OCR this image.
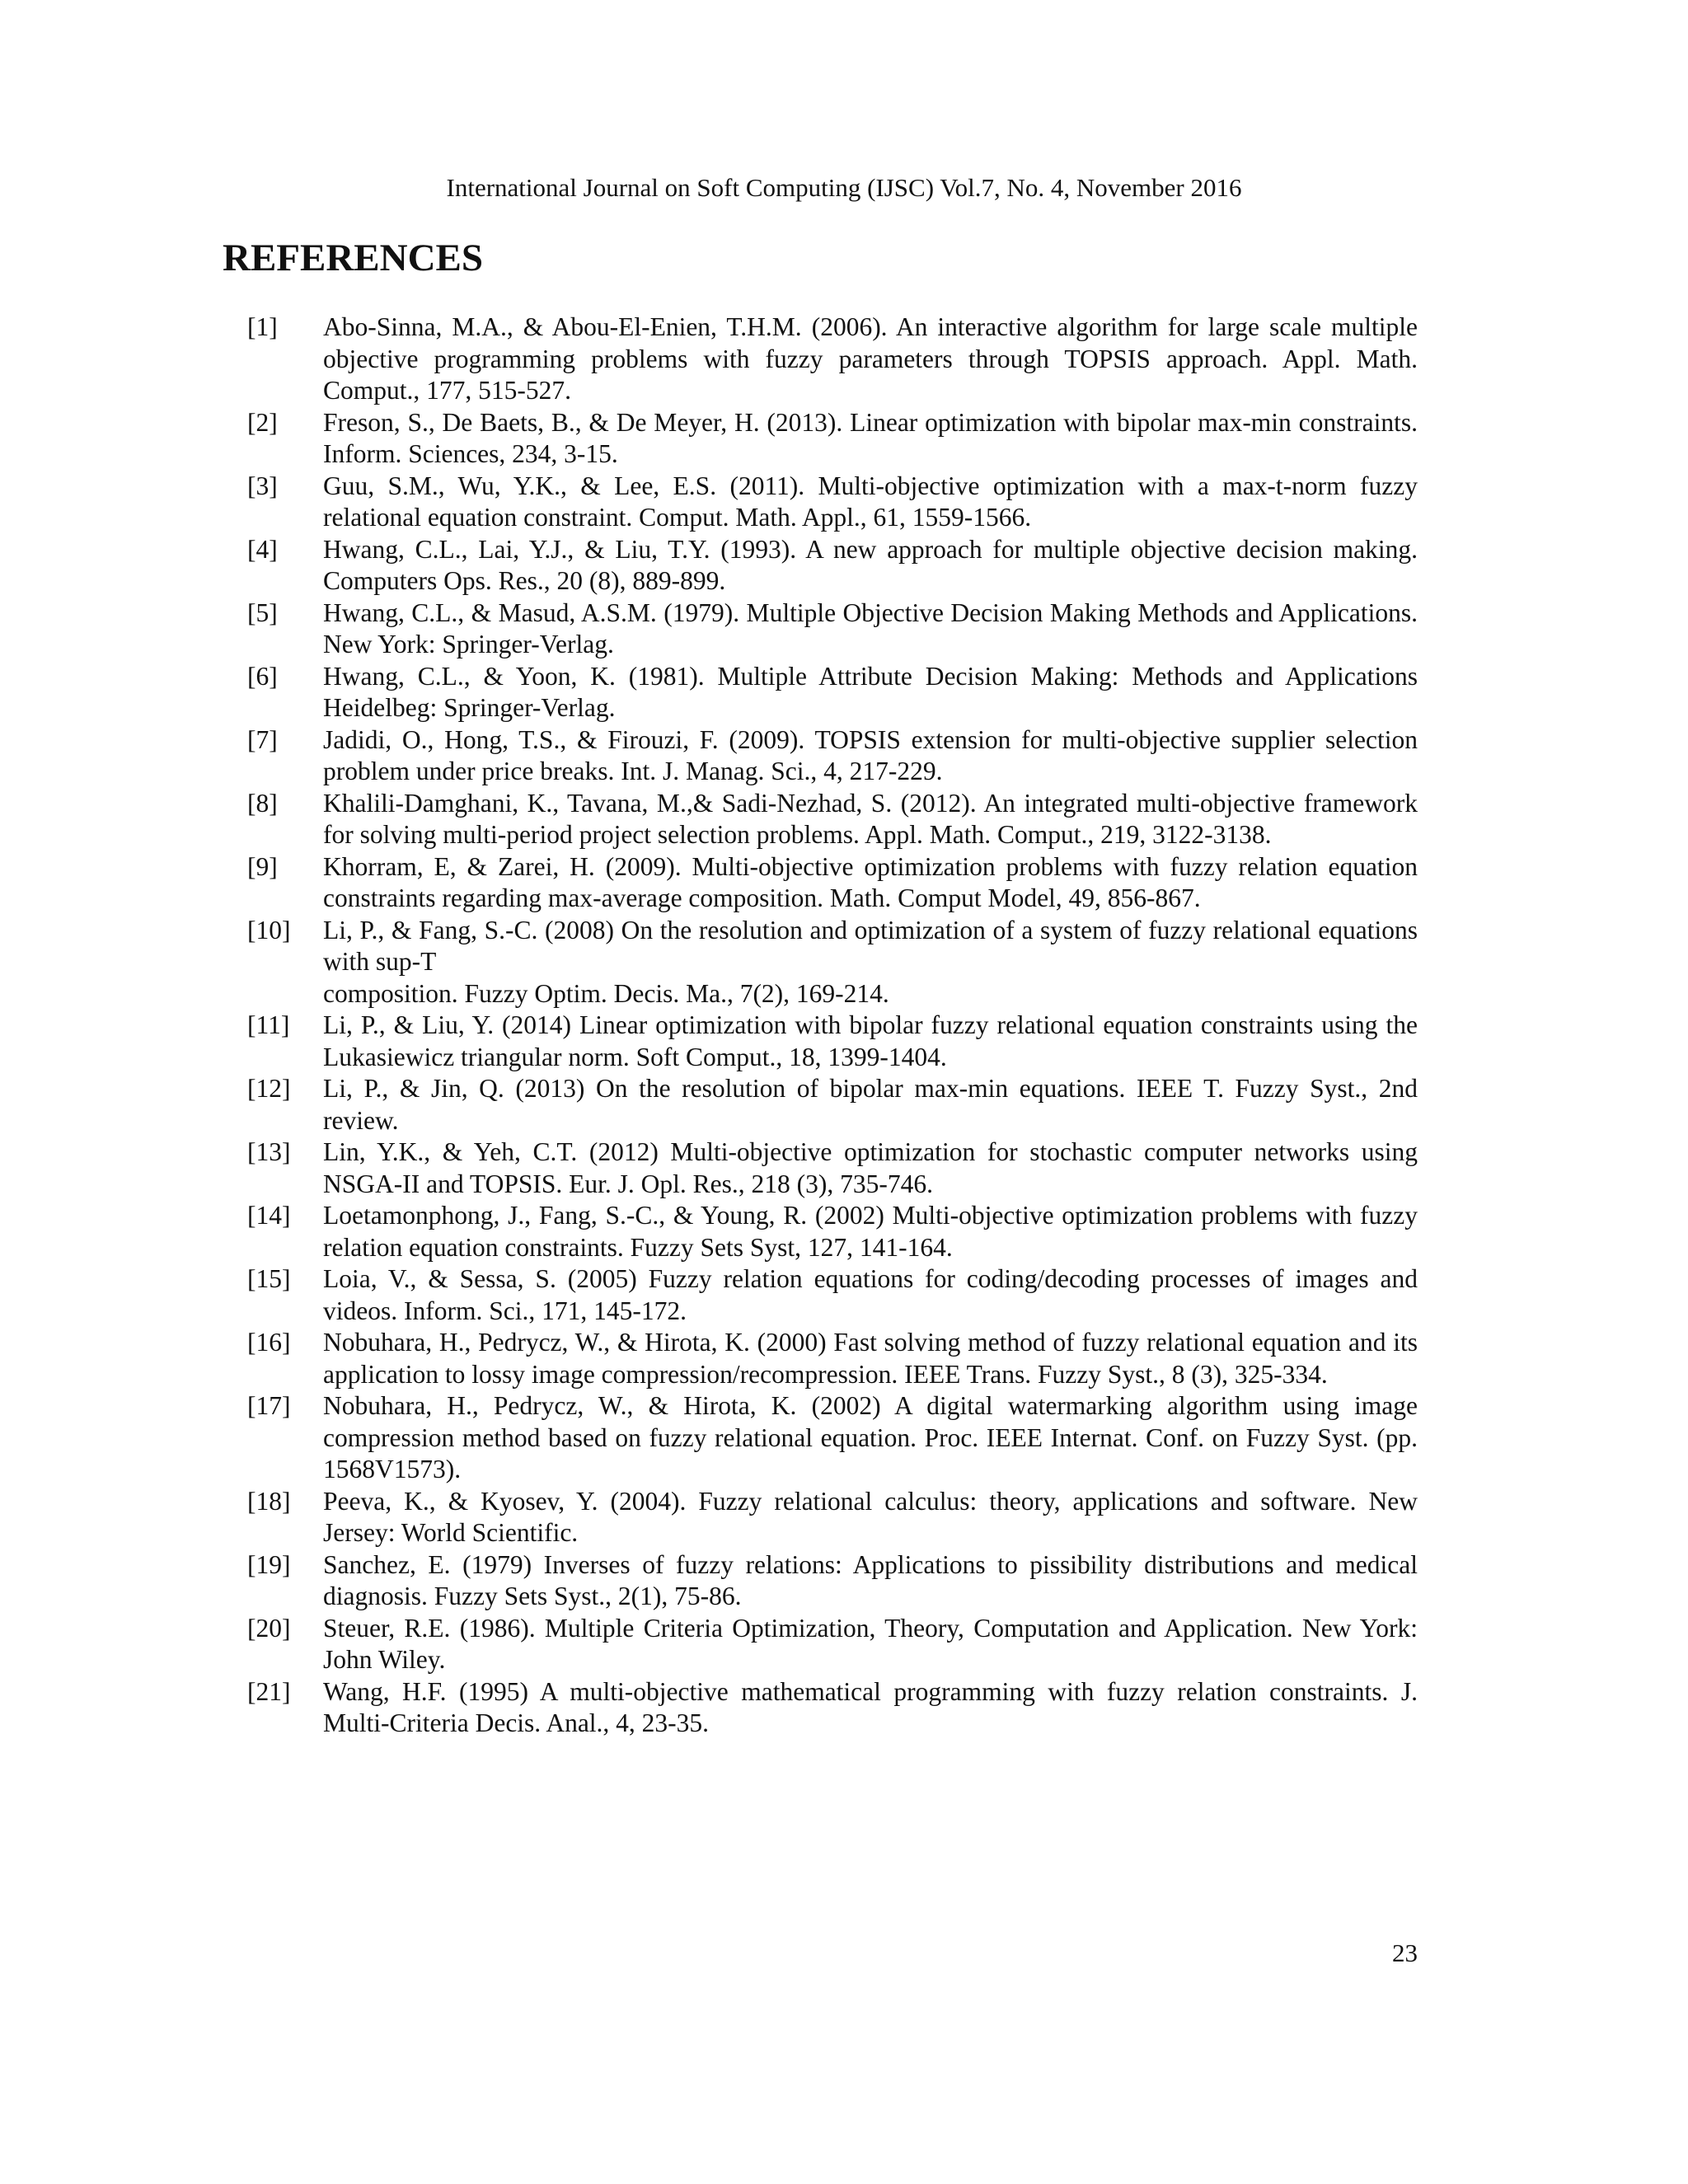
International Journal on Soft Computing (IJSC) Vol.7, No. 4, November 2016
REFERENCES
[1]	Abo-Sinna, M.A., & Abou-El-Enien, T.H.M. (2006). An interactive algorithm for large scale multiple objective programming problems with fuzzy parameters through TOPSIS approach. Appl. Math. Comput., 177, 515-527.
[2]	Freson, S., De Baets, B., & De Meyer, H. (2013). Linear optimization with bipolar max-min constraints. Inform. Sciences, 234, 3-15.
[3]	Guu, S.M., Wu, Y.K., & Lee, E.S. (2011). Multi-objective optimization with a max-t-norm fuzzy relational equation constraint. Comput. Math. Appl., 61, 1559-1566.
[4]	Hwang, C.L., Lai, Y.J., & Liu, T.Y. (1993). A new approach for multiple objective decision making. Computers Ops. Res., 20 (8), 889-899.
[5]	Hwang, C.L., & Masud, A.S.M. (1979). Multiple Objective Decision Making Methods and Applications. New York: Springer-Verlag.
[6]	Hwang, C.L., & Yoon, K. (1981). Multiple Attribute Decision Making: Methods and Applications Heidelbeg: Springer-Verlag.
[7]	Jadidi, O., Hong, T.S., & Firouzi, F. (2009). TOPSIS extension for multi-objective supplier selection problem under price breaks. Int. J. Manag. Sci., 4, 217-229.
[8]	Khalili-Damghani, K., Tavana, M.,& Sadi-Nezhad, S. (2012). An integrated multi-objective framework for solving multi-period project selection problems. Appl. Math. Comput., 219, 3122-3138.
[9]	Khorram, E, & Zarei, H. (2009). Multi-objective optimization problems with fuzzy relation equation constraints regarding max-average composition. Math. Comput Model, 49, 856-867.
[10]	Li, P., & Fang, S.-C. (2008) On the resolution and optimization of a system of fuzzy relational equations with sup-T
composition. Fuzzy Optim. Decis. Ma., 7(2), 169-214.
[11]	Li, P., & Liu, Y. (2014) Linear optimization with bipolar fuzzy relational equation constraints using the Lukasiewicz triangular norm. Soft Comput., 18, 1399-1404.
[12]	Li, P., & Jin, Q. (2013) On the resolution of bipolar max-min equations. IEEE T. Fuzzy Syst., 2nd review.
[13]	Lin, Y.K., & Yeh, C.T. (2012) Multi-objective optimization for stochastic computer networks using NSGA-II and TOPSIS. Eur. J. Opl. Res., 218 (3), 735-746.
[14]	Loetamonphong, J., Fang, S.-C., & Young, R. (2002) Multi-objective optimization problems with fuzzy relation equation constraints. Fuzzy Sets Syst, 127, 141-164.
[15]	Loia, V., & Sessa, S. (2005) Fuzzy relation equations for coding/decoding processes of images and videos. Inform. Sci., 171, 145-172.
[16]	Nobuhara, H., Pedrycz, W., & Hirota, K. (2000) Fast solving method of fuzzy relational equation and its application to lossy image compression/recompression. IEEE Trans. Fuzzy Syst., 8 (3), 325-334.
[17]	Nobuhara, H., Pedrycz, W., & Hirota, K. (2002) A digital watermarking algorithm using image compression method based on fuzzy relational equation. Proc. IEEE Internat. Conf. on Fuzzy Syst. (pp. 1568V1573).
[18]	Peeva, K., & Kyosev, Y. (2004). Fuzzy relational calculus: theory, applications and software. New Jersey: World Scientific.
[19]	Sanchez, E. (1979) Inverses of fuzzy relations: Applications to pissibility distributions and medical diagnosis. Fuzzy Sets Syst., 2(1), 75-86.
[20]	Steuer, R.E. (1986). Multiple Criteria Optimization, Theory, Computation and Application. New York: John Wiley.
[21]	Wang, H.F. (1995) A multi-objective mathematical programming with fuzzy relation constraints. J. Multi-Criteria Decis. Anal., 4, 23-35.
23
